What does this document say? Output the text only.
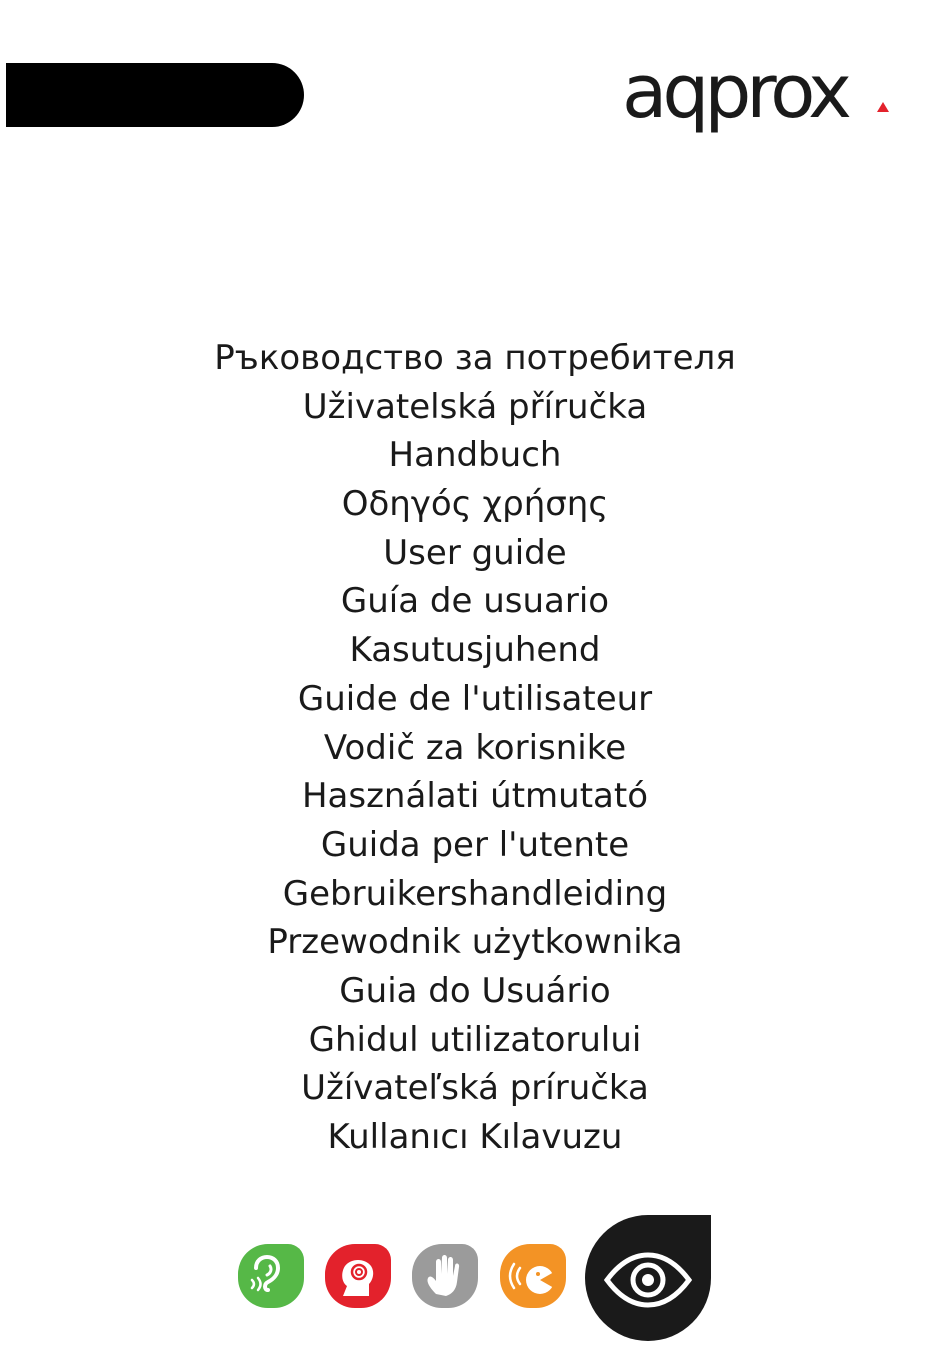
aqprox
Ръководство за потребителя
Uživatelská příručka
Handbuch
Οδηγός χρήσης
User guide
Guía de usuario
Kasutusjuhend
Guide de l'utilisateur
Vodič za korisnike
Használati útmutató
Guida per l'utente
Gebruikershandleiding
Przewodnik użytkownika
Guia do Usuário
Ghidul utilizatorului
Užívateľská príručka
Kullanıcı Kılavuzu
